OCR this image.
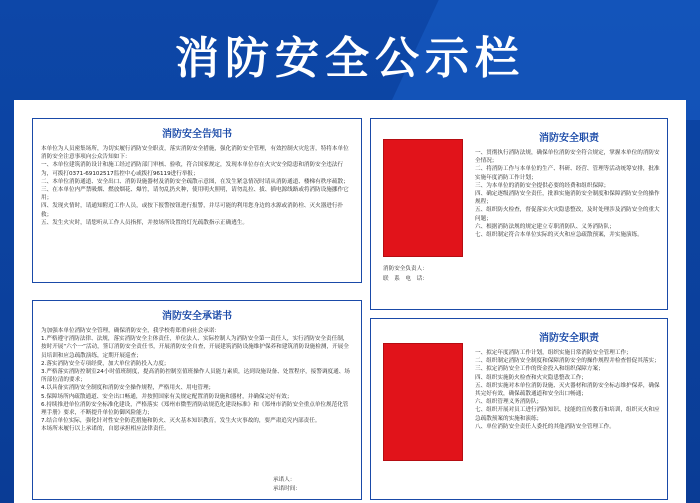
消防安全公示栏
消防安全告知书

本单位为人员密集场所，为切实履行消防安全职责，落实消防安全措施，强化消防安全管理，有效控制火灾危害，特将本单位消防安全注意事项向公众告知如下：

一、本单位建筑消防设计和施工经过消防部门审核、验收，符合国家规定，发现本单位存在火灾安全隐患和消防安全违法行为，可拨打0371-69102517监控中心或拨打96119进行举报；

二、本单位消防通道、安全出口、消防设施器材及消防安全疏散示意图，在发生紧急情况时请从消防通道、楼梯有秩序疏散；

三、在本单位内严禁吸烟、燃放烟花、爆竹，请勿乱扔火种，使用明火照明，请勿乱拉、拔、插电源线路或将消防设施挪作它用；

四、发现火情时，请通知附近工作人员，或按下报警按钮进行报警，并尽可能的利用您身边的水源或消防栓、灭火器进行扑救；

五、发生火灾时，请您听从工作人员指挥，并按场所设置的灯光疏散指示正确逃生。

消防安全承诺书

为加强本单位消防安全管理，确保消防安全，我学校将郑重向社会承诺：

1.严格遵守消防法律、法规，落实消防安全主体责任，单位法人、实际控制人为消防安全第一责任人，实行消防安全责任制，按时开展“六个一”活动，签订消防安全责任书，开展消防安全自查，开展建筑消防设施维护保养和建筑消防设施检测，开展全员培训和应急疏散演练，定期开展巡查；

2.落实消防安全专项经费，加大单位消防投入力度；

3.严格落实消防控制室24小时值班制度，提高消防控制室值班操作人员能力素质，达到设施设备、处置程序，接警调度通、场所部位清的要求；

4.以具备实消防安全制度和消防安全操作规程，严格用火、用电管理；

5.保障场所内疏散通道、安全出口畅通，并按照国家有关规定配置消防设施和器材，并确保完好有效；

6.持续推进单位消防安全标准化建设，严格落实《郑州市微型消防站规范化建设标准》和《郑州市消防安全重点单位规范化管理手册》要求，不断提升单位防御风险能力；

7.结合单位实际，强化针对性安全防范措施和防火、灭火基本知识教育，发生火灾事故的，要严肃追究内部责任。

本场所未履行以上承诺的，自愿承担相应法律责任。

承诺人：
承诺时间：
消防安全负责人：
联　系　电　话：
消防安全职责

一、贯彻执行消防法规，确保单位消防安全符合规定，掌握本单位的消防安全情况；

二、将消防工作与本单位的生产、科研、经营、管理等活动统筹安排，批准实施年度消防工作计划；

三、为本单位的消防安全提供必要的经费和组织保障；

四、确定逐级消防安全责任，批准实施消防安全制度和保障消防安全的操作规程；

五、组织防火检查，督促落实火灾隐患整改，及时处理涉及消防安全的重大问题；

六、根据消防法规的规定建立专职消防队、义务消防队；

七、组织制定符合本单位实际的灭火和应急疏散预案，并实施演练。

消防安全职责

一、拟定年度消防工作计划，组织实施日常消防安全管理工作；

二、组织制定消防安全制度和保障消防安全的操作规程并检查督促其落实；

三、拟定消防安全工作的资金投入和组织保障方案；

四、组织实施防火检查和火灾隐患整改工作；

五、组织实施对本单位消防设施、灭火器材和消防安全标志维护保养，确保其完好有效，确保疏散通道和安全出口畅通；

六、组织管理义务消防队；

七、组织开展对员工进行消防知识、技能的宣传教育和培训，组织灭火和应急疏散预案的实施和演练；

八、单位消防安全责任人委托的其他消防安全管理工作。
